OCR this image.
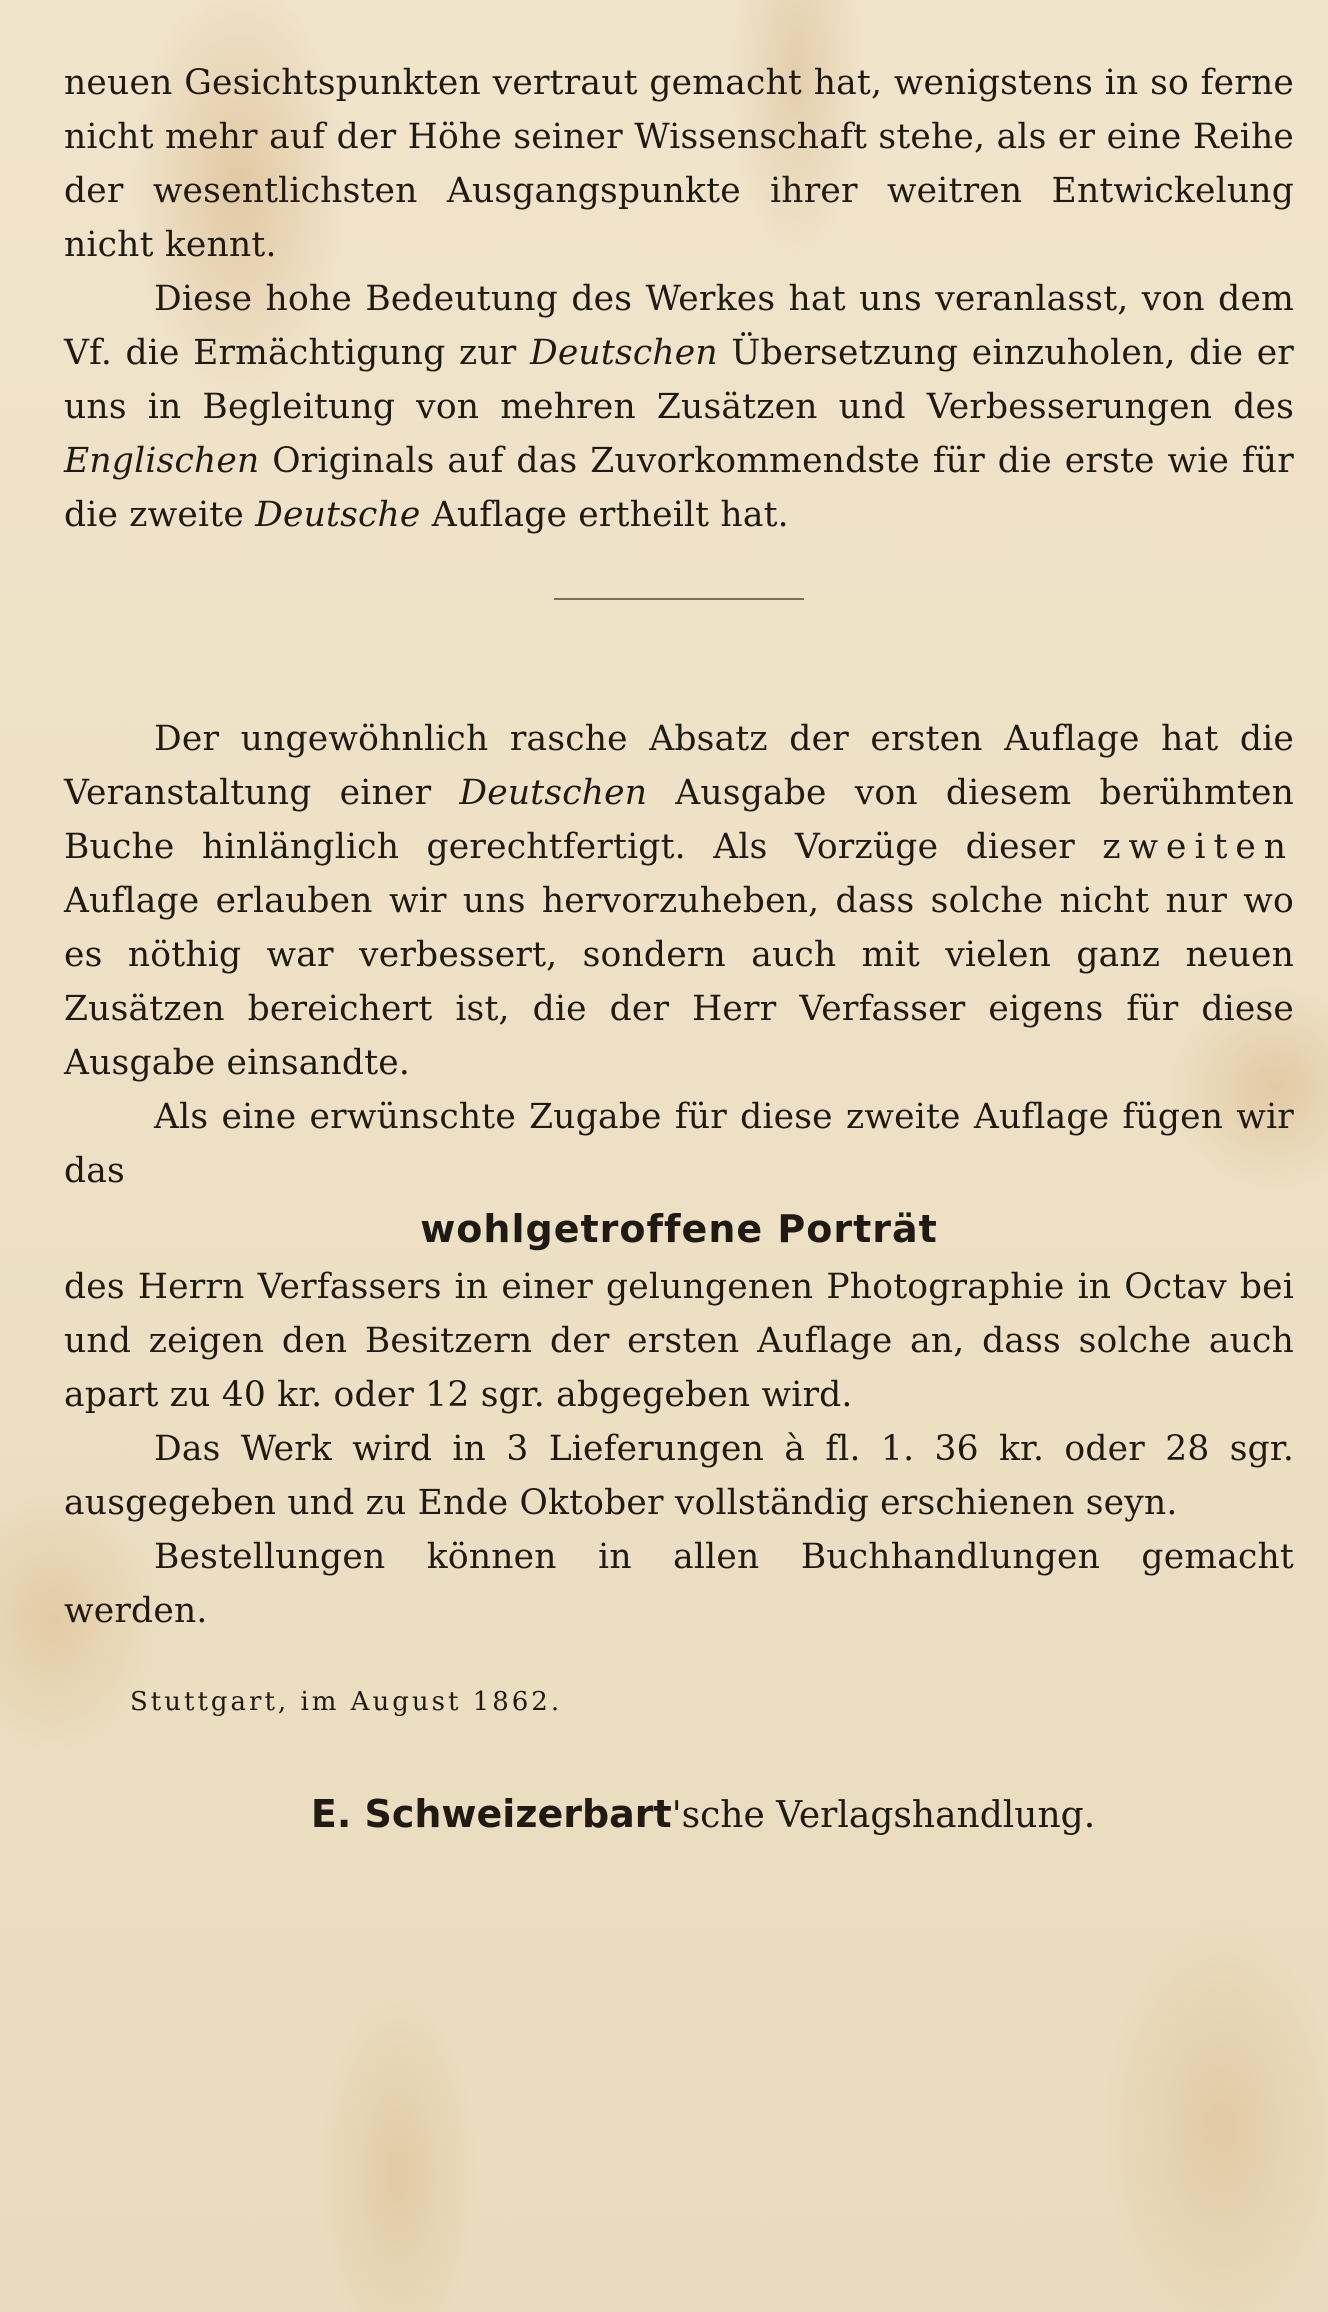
neuen Gesichtspunkten vertraut gemacht hat, wenigstens in so ferne nicht mehr auf der Höhe seiner Wissenschaft stehe, als er eine Reihe der wesentlichsten Ausgangspunkte ihrer weitren Entwickelung nicht kennt.

Diese hohe Bedeutung des Werkes hat uns veranlasst, von dem Vf. die Ermächtigung zur Deutschen Übersetzung einzuholen, die er uns in Begleitung von mehren Zusätzen und Verbesserungen des Englischen Originals auf das Zuvorkommendste für die erste wie für die zweite Deutsche Auflage ertheilt hat.

Der ungewöhnlich rasche Absatz der ersten Auflage hat die Veranstaltung einer Deutschen Ausgabe von diesem berühmten Buche hinlänglich gerechtfertigt. Als Vorzüge dieser zweiten Auflage erlauben wir uns hervorzuheben, dass solche nicht nur wo es nöthig war verbessert, sondern auch mit vielen ganz neuen Zusätzen bereichert ist, die der Herr Verfasser eigens für diese Ausgabe einsandte.

Als eine erwünschte Zugabe für diese zweite Auflage fügen wir das

wohlgetroffene Porträt

des Herrn Verfassers in einer gelungenen Photographie in Octav bei und zeigen den Besitzern der ersten Auflage an, dass solche auch apart zu 40 kr. oder 12 sgr. abgegeben wird.

Das Werk wird in 3 Lieferungen à fl. 1. 36 kr. oder 28 sgr. ausgegeben und zu Ende Oktober vollständig erschienen seyn.

Bestellungen können in allen Buchhandlungen gemacht werden.

Stuttgart, im August 1862.
E. Schweizerbart'sche Verlagshandlung.
